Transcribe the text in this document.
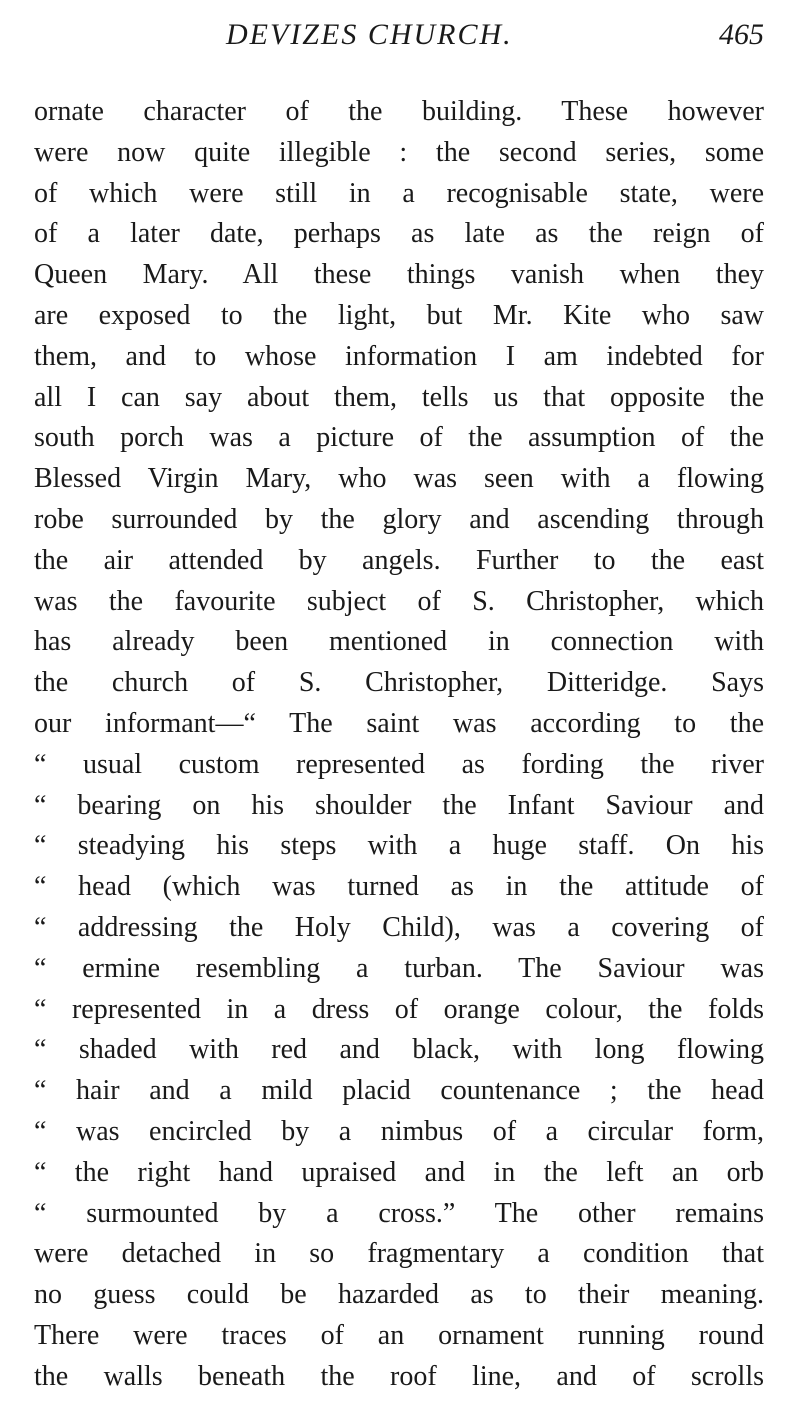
DEVIZES CHURCH.	465
ornate character of the building. These however
were now quite illegible : the second series, some
of which were still in a recognisable state, were
of a later date, perhaps as late as the reign of
Queen Mary. All these things vanish when they
are exposed to the light, but Mr. Kite who saw
them, and to whose information I am indebted for
all I can say about them, tells us that opposite the
south porch was a picture of the assumption of the
Blessed Virgin Mary, who was seen with a flowing
robe surrounded by the glory and ascending through
the air attended by angels. Further to the east
was the favourite subject of S. Christopher, which
has already been mentioned in connection with
the church of S. Christopher, Ditteridge. Says
our informant—“ The saint was according to the
“ usual custom represented as fording the river
“ bearing on his shoulder the Infant Saviour and
“ steadying his steps with a huge staff. On his
“ head (which was turned as in the attitude of
“ addressing the Holy Child), was a covering of
“ ermine resembling a turban. The Saviour was
“ represented in a dress of orange colour, the folds
“ shaded with red and black, with long flowing
“ hair and a mild placid countenance ; the head
“ was encircled by a nimbus of a circular form,
“ the right hand upraised and in the left an orb
“ surmounted by a cross.” The other remains
were detached in so fragmentary a condition that
no guess could be hazarded as to their meaning.
There were traces of an ornament running round
the walls beneath the roof line, and of scrolls
